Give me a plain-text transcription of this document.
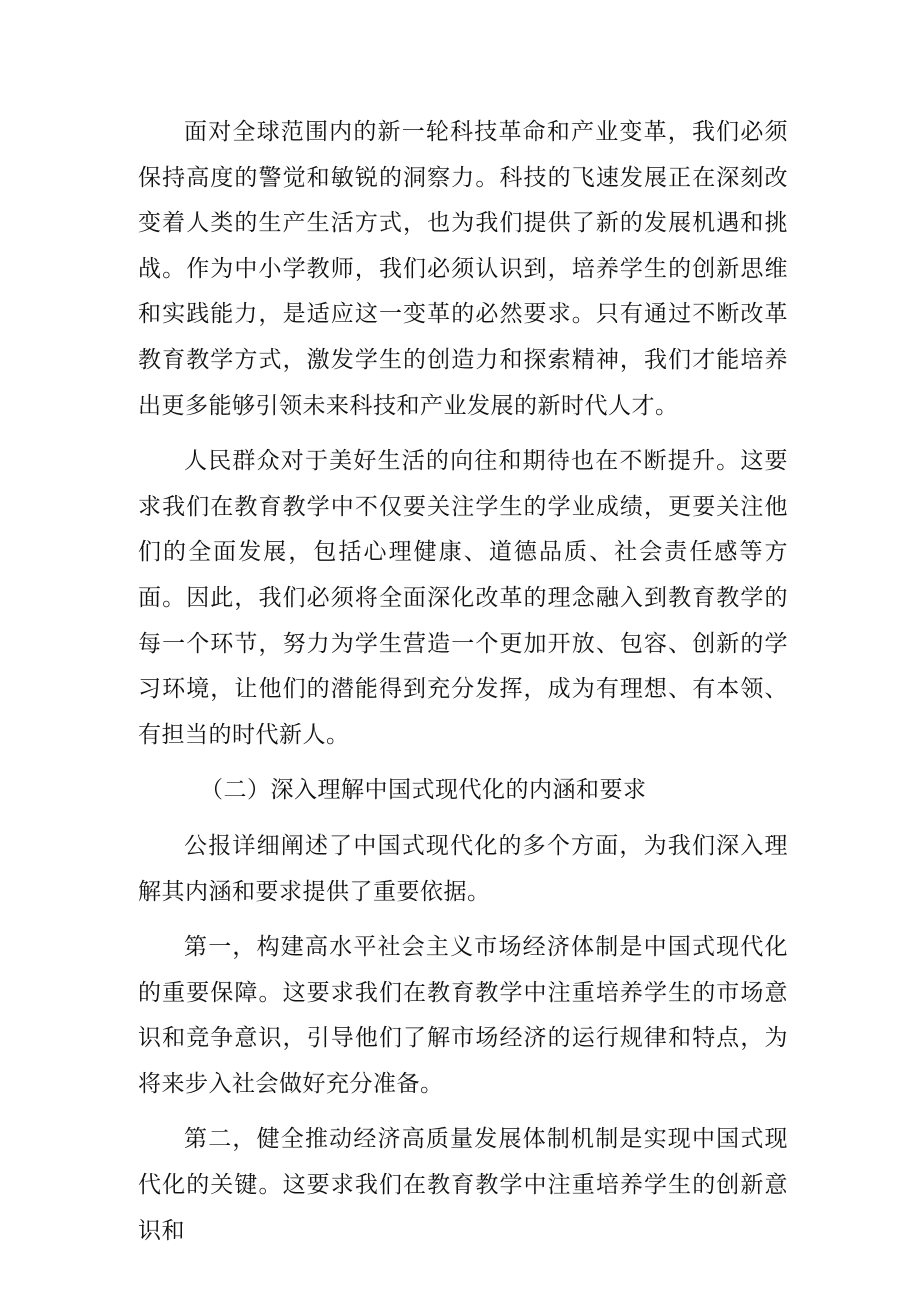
面对全球范围内的新一轮科技革命和产业变革，我们必须保持高度的警觉和敏锐的洞察力。科技的飞速发展正在深刻改变着人类的生产生活方式，也为我们提供了新的发展机遇和挑战。作为中小学教师，我们必须认识到，培养学生的创新思维和实践能力，是适应这一变革的必然要求。只有通过不断改革教育教学方式，激发学生的创造力和探索精神，我们才能培养出更多能够引领未来科技和产业发展的新时代人才。

人民群众对于美好生活的向往和期待也在不断提升。这要求我们在教育教学中不仅要关注学生的学业成绩，更要关注他们的全面发展，包括心理健康、道德品质、社会责任感等方面。因此，我们必须将全面深化改革的理念融入到教育教学的每一个环节，努力为学生营造一个更加开放、包容、创新的学习环境，让他们的潜能得到充分发挥，成为有理想、有本领、有担当的时代新人。

（二）深入理解中国式现代化的内涵和要求

公报详细阐述了中国式现代化的多个方面，为我们深入理解其内涵和要求提供了重要依据。

第一，构建高水平社会主义市场经济体制是中国式现代化的重要保障。这要求我们在教育教学中注重培养学生的市场意识和竞争意识，引导他们了解市场经济的运行规律和特点，为将来步入社会做好充分准备。

第二，健全推动经济高质量发展体制机制是实现中国式现代化的关键。这要求我们在教育教学中注重培养学生的创新意识和
